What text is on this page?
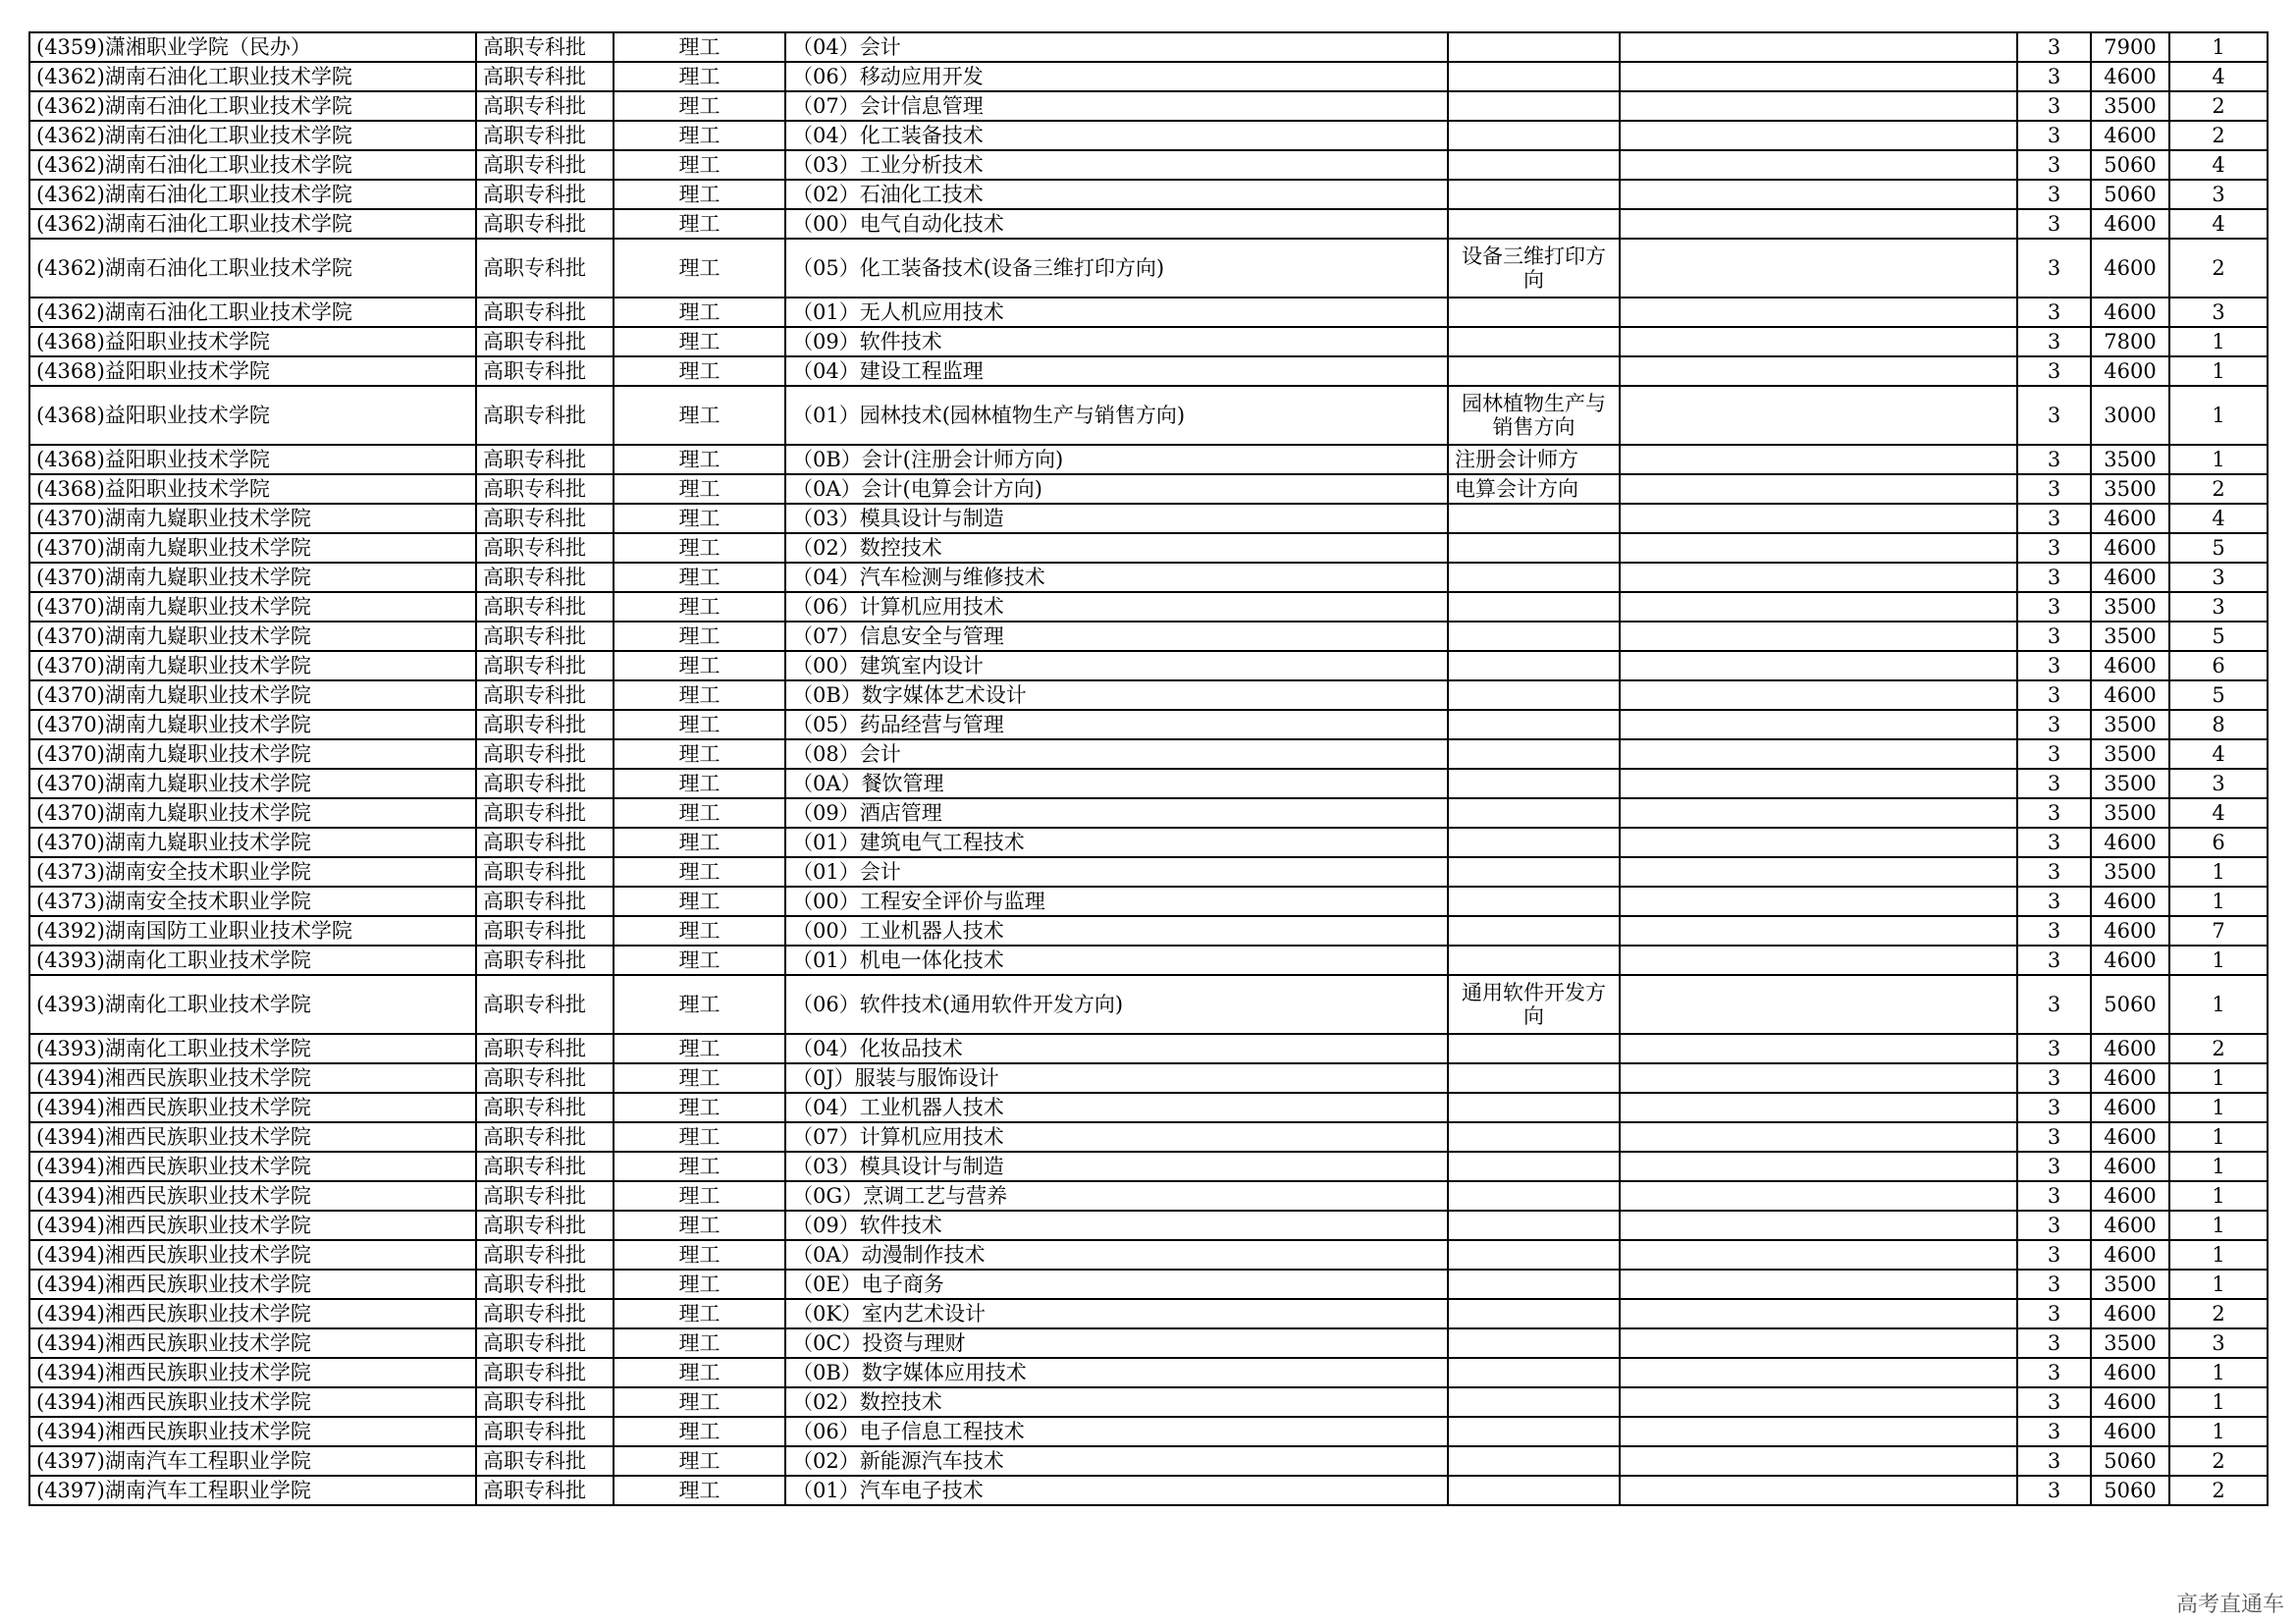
(4359)潇湘职业学院（民办）	高职专科批	理工	（04）会计			3	7900	1
(4362)湖南石油化工职业技术学院	高职专科批	理工	（06）移动应用开发			3	4600	4
(4362)湖南石油化工职业技术学院	高职专科批	理工	（07）会计信息管理			3	3500	2
(4362)湖南石油化工职业技术学院	高职专科批	理工	（04）化工装备技术			3	4600	2
(4362)湖南石油化工职业技术学院	高职专科批	理工	（03）工业分析技术			3	5060	4
(4362)湖南石油化工职业技术学院	高职专科批	理工	（02）石油化工技术			3	5060	3
(4362)湖南石油化工职业技术学院	高职专科批	理工	（00）电气自动化技术			3	4600	4
(4362)湖南石油化工职业技术学院	高职专科批	理工	（05）化工装备技术(设备三维打印方向)	设备三维打印方向		3	4600	2
(4362)湖南石油化工职业技术学院	高职专科批	理工	（01）无人机应用技术			3	4600	3
(4368)益阳职业技术学院	高职专科批	理工	（09）软件技术			3	7800	1
(4368)益阳职业技术学院	高职专科批	理工	（04）建设工程监理			3	4600	1
(4368)益阳职业技术学院	高职专科批	理工	（01）园林技术(园林植物生产与销售方向)	园林植物生产与销售方向		3	3000	1
(4368)益阳职业技术学院	高职专科批	理工	（0B）会计(注册会计师方向)	注册会计师方		3	3500	1
(4368)益阳职业技术学院	高职专科批	理工	（0A）会计(电算会计方向)	电算会计方向		3	3500	2
(4370)湖南九嶷职业技术学院	高职专科批	理工	（03）模具设计与制造			3	4600	4
(4370)湖南九嶷职业技术学院	高职专科批	理工	（02）数控技术			3	4600	5
(4370)湖南九嶷职业技术学院	高职专科批	理工	（04）汽车检测与维修技术			3	4600	3
(4370)湖南九嶷职业技术学院	高职专科批	理工	（06）计算机应用技术			3	3500	3
(4370)湖南九嶷职业技术学院	高职专科批	理工	（07）信息安全与管理			3	3500	5
(4370)湖南九嶷职业技术学院	高职专科批	理工	（00）建筑室内设计			3	4600	6
(4370)湖南九嶷职业技术学院	高职专科批	理工	（0B）数字媒体艺术设计			3	4600	5
(4370)湖南九嶷职业技术学院	高职专科批	理工	（05）药品经营与管理			3	3500	8
(4370)湖南九嶷职业技术学院	高职专科批	理工	（08）会计			3	3500	4
(4370)湖南九嶷职业技术学院	高职专科批	理工	（0A）餐饮管理			3	3500	3
(4370)湖南九嶷职业技术学院	高职专科批	理工	（09）酒店管理			3	3500	4
(4370)湖南九嶷职业技术学院	高职专科批	理工	（01）建筑电气工程技术			3	4600	6
(4373)湖南安全技术职业学院	高职专科批	理工	（01）会计			3	3500	1
(4373)湖南安全技术职业学院	高职专科批	理工	（00）工程安全评价与监理			3	4600	1
(4392)湖南国防工业职业技术学院	高职专科批	理工	（00）工业机器人技术			3	4600	7
(4393)湖南化工职业技术学院	高职专科批	理工	（01）机电一体化技术			3	4600	1
(4393)湖南化工职业技术学院	高职专科批	理工	（06）软件技术(通用软件开发方向)	通用软件开发方向		3	5060	1
(4393)湖南化工职业技术学院	高职专科批	理工	（04）化妆品技术			3	4600	2
(4394)湘西民族职业技术学院	高职专科批	理工	（0J）服装与服饰设计			3	4600	1
(4394)湘西民族职业技术学院	高职专科批	理工	（04）工业机器人技术			3	4600	1
(4394)湘西民族职业技术学院	高职专科批	理工	（07）计算机应用技术			3	4600	1
(4394)湘西民族职业技术学院	高职专科批	理工	（03）模具设计与制造			3	4600	1
(4394)湘西民族职业技术学院	高职专科批	理工	（0G）烹调工艺与营养			3	4600	1
(4394)湘西民族职业技术学院	高职专科批	理工	（09）软件技术			3	4600	1
(4394)湘西民族职业技术学院	高职专科批	理工	（0A）动漫制作技术			3	4600	1
(4394)湘西民族职业技术学院	高职专科批	理工	（0E）电子商务			3	3500	1
(4394)湘西民族职业技术学院	高职专科批	理工	（0K）室内艺术设计			3	4600	2
(4394)湘西民族职业技术学院	高职专科批	理工	（0C）投资与理财			3	3500	3
(4394)湘西民族职业技术学院	高职专科批	理工	（0B）数字媒体应用技术			3	4600	1
(4394)湘西民族职业技术学院	高职专科批	理工	（02）数控技术			3	4600	1
(4394)湘西民族职业技术学院	高职专科批	理工	（06）电子信息工程技术			3	4600	1
(4397)湖南汽车工程职业学院	高职专科批	理工	（02）新能源汽车技术			3	5060	2
(4397)湖南汽车工程职业学院	高职专科批	理工	（01）汽车电子技术			3	5060	2
高考直通车
